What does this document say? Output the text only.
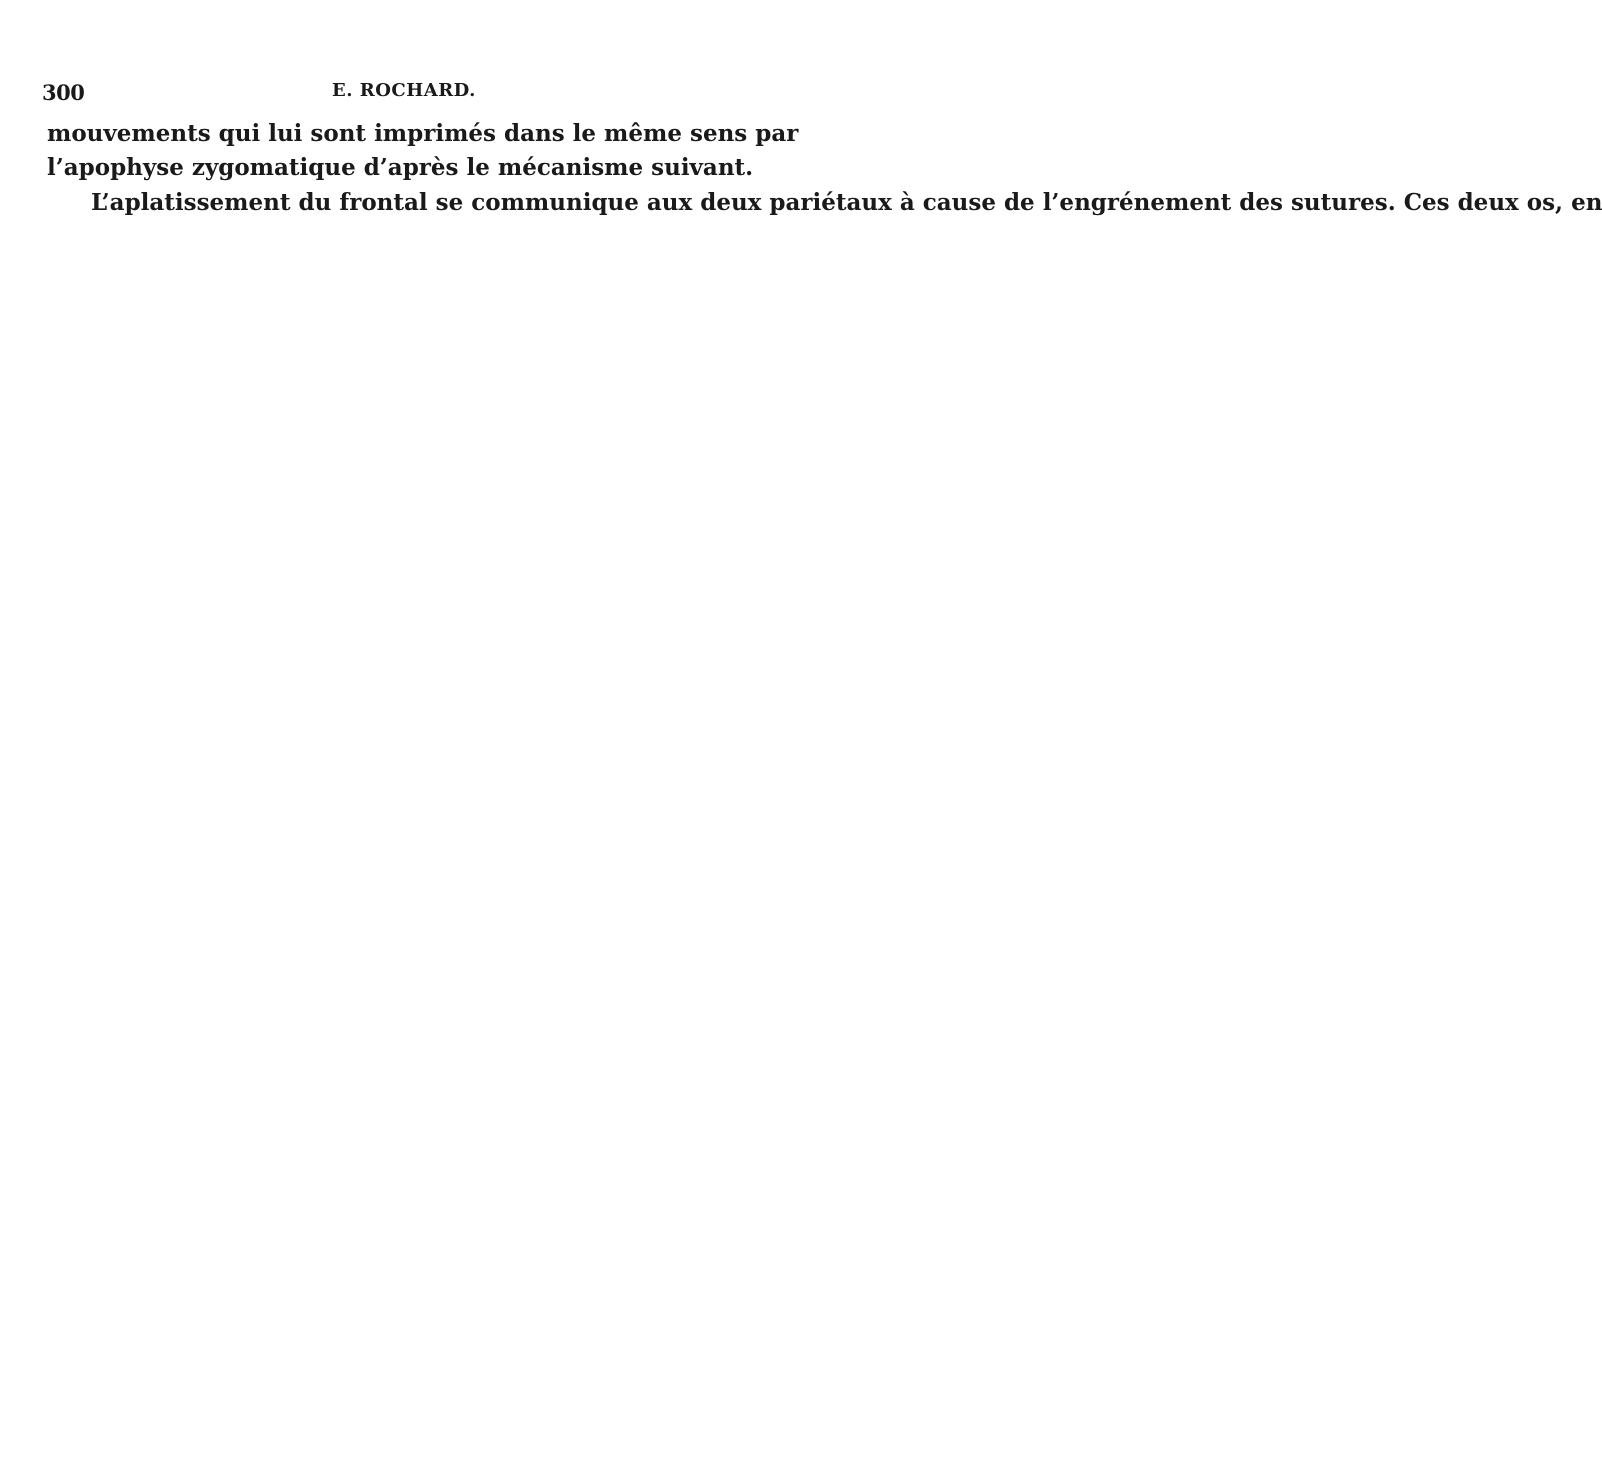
300	E. ROCHARD.
mouvements qui lui sont imprimés dans le même sens par
l’apophyse zygomatique d’après le mécanisme suivant.
L’aplatissement du frontal se communique aux deux pariétaux à cause de l’engrénement des sutures. Ces deux os, en
